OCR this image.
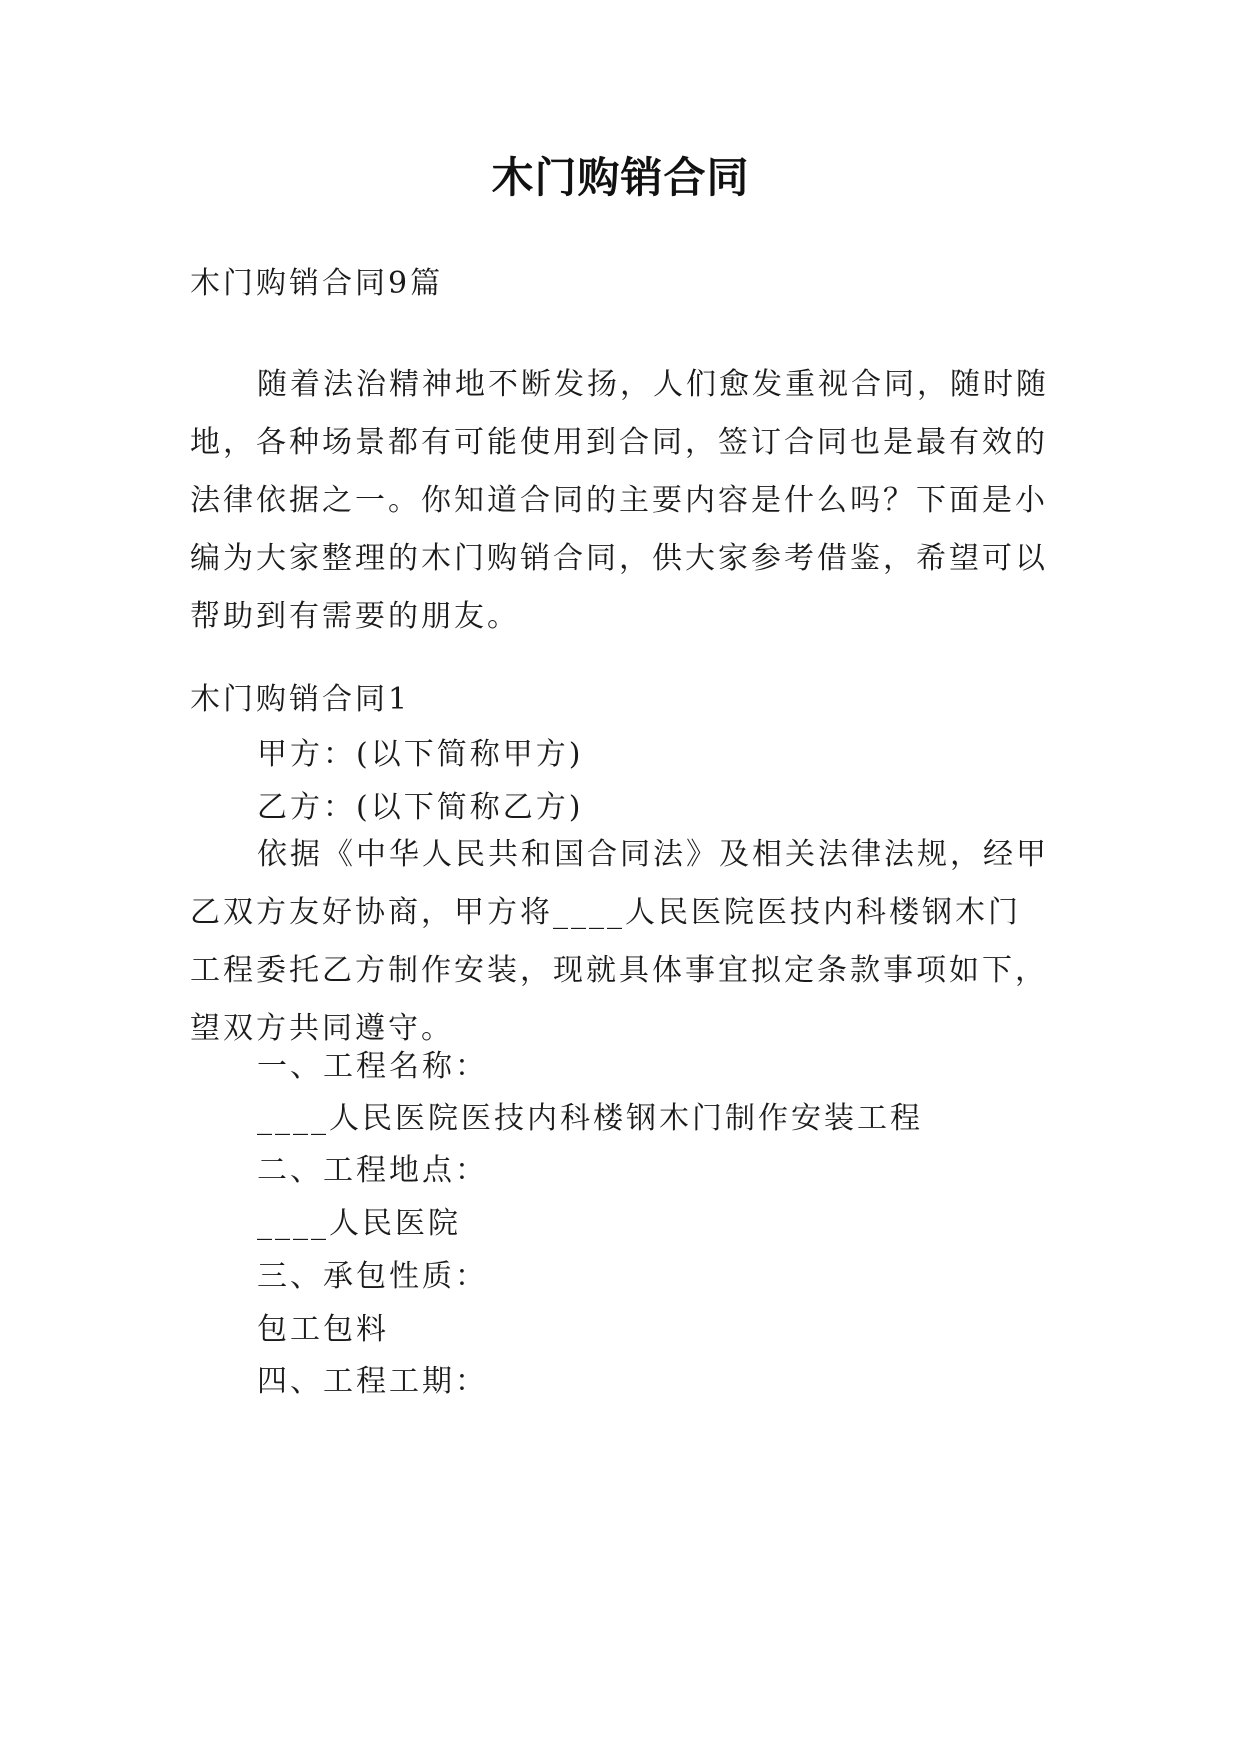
木门购销合同
木门购销合同9篇
随着法治精神地不断发扬，人们愈发重视合同，随时随地，各种场景都有可能使用到合同，签订合同也是最有效的法律依据之一。你知道合同的主要内容是什么吗？下面是小编为大家整理的木门购销合同，供大家参考借鉴，希望可以帮助到有需要的朋友。
木门购销合同1
甲方：(以下简称甲方)
乙方：(以下简称乙方)
依据《中华人民共和国合同法》及相关法律法规，经甲乙双方友好协商，甲方将____人民医院医技内科楼钢木门工程委托乙方制作安装，现就具体事宜拟定条款事项如下，望双方共同遵守。
一、工程名称：
____人民医院医技内科楼钢木门制作安装工程
二、工程地点：
____人民医院
三、承包性质：
包工包料
四、工程工期：
